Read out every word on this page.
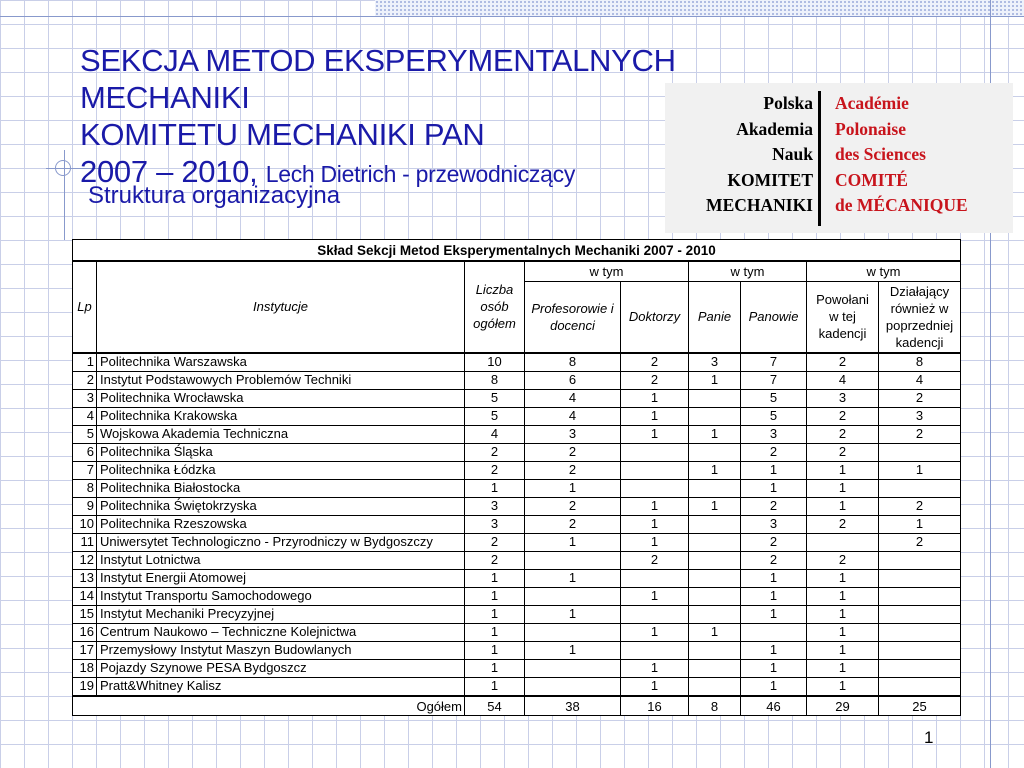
SEKCJA METOD EKSPERYMENTALNYCH MECHANIKI
KOMITETU MECHANIKI PAN
2007 – 2010, Lech Dietrich - przewodniczący
Struktura organizacyjna
Polska
Akademia
Nauk
KOMITET
MECHANIKI
Académie
Polonaise
des Sciences
COMITÉ
de MÉCANIQUE
Skład Sekcji Metod Eksperymentalnych Mechaniki 2007 - 2010								
Lp	Instytucje	Liczba osób ogółem	w tym		w tym		w tym	
			Profesorowie i docenci	Doktorzy	Panie	Panowie	Powołani w tej kadencji	Działający również w poprzedniej kadencji
1	Politechnika Warszawska	10	8	2	3	7	2	8
2	Instytut Podstawowych Problemów Techniki	8	6	2	1	7	4	4
3	Politechnika Wrocławska	5	4	1		5	3	2
4	Politechnika Krakowska	5	4	1		5	2	3
5	Wojskowa Akademia Techniczna	4	3	1	1	3	2	2
6	Politechnika Śląska	2	2			2	2	
7	Politechnika Łódzka	2	2		1	1	1	1
8	Politechnika Białostocka	1	1			1	1	
9	Politechnika Świętokrzyska	3	2	1	1	2	1	2
10	Politechnika Rzeszowska	3	2	1		3	2	1
11	Uniwersytet Technologiczno - Przyrodniczy w Bydgoszczy	2	1	1		2		2
12	Instytut Lotnictwa	2		2		2	2	
13	Instytut Energii Atomowej	1	1			1	1	
14	Instytut Transportu Samochodowego	1		1		1	1	
15	Instytut Mechaniki Precyzyjnej	1	1			1	1	
16	Centrum Naukowo – Techniczne Kolejnictwa	1		1	1		1	
17	Przemysłowy Instytut Maszyn Budowlanych	1	1			1	1	
18	Pojazdy Szynowe PESA Bydgoszcz	1		1		1	1	
19	Pratt&Whitney Kalisz	1		1		1	1	
Ogółem		54	38	16	8	46	29	25
1
